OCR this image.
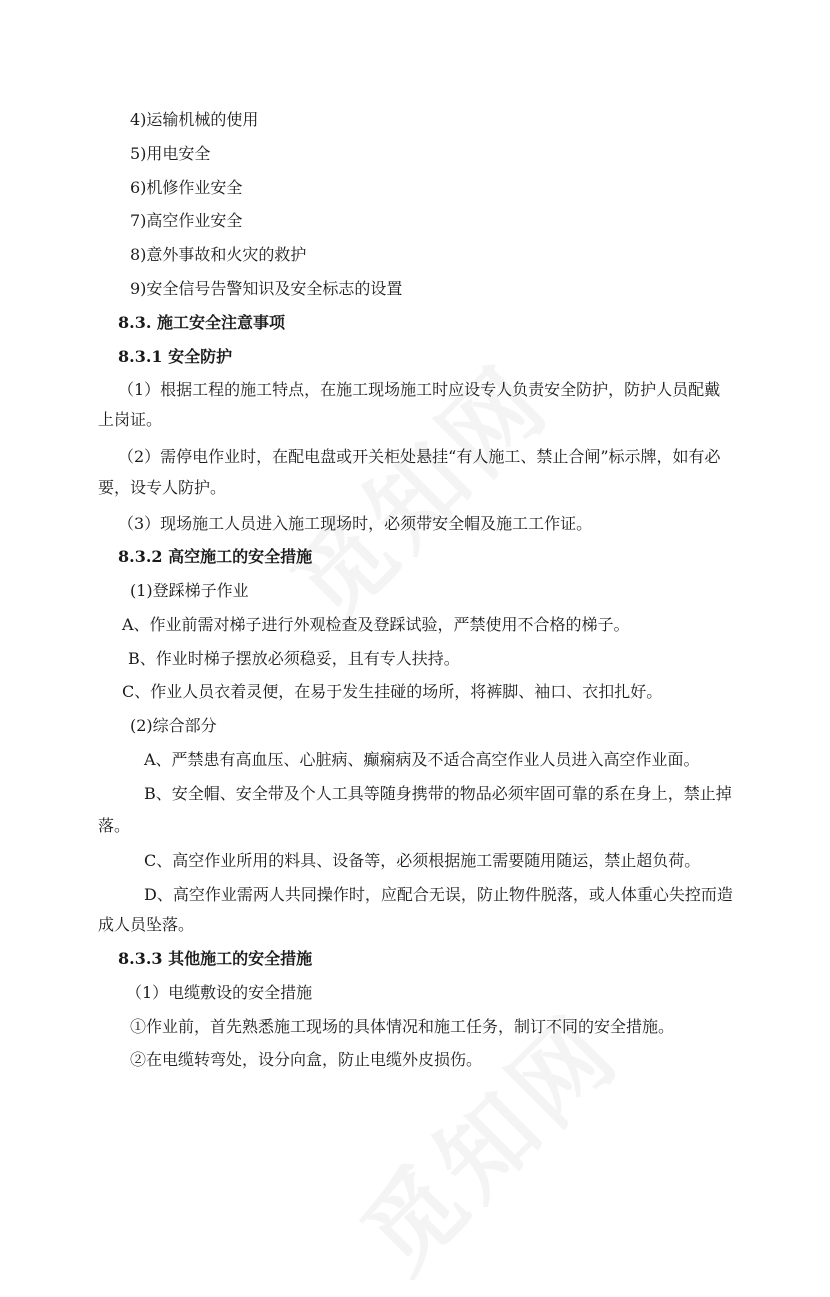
4)运输机械的使用
5)用电安全
6)机修作业安全
7)高空作业安全
8)意外事故和火灾的救护
9)安全信号告警知识及安全标志的设置
8.3. 施工安全注意事项
8.3.1 安全防护
（1）根据工程的施工特点，在施工现场施工时应设专人负责安全防护，防护人员配戴
上岗证。
（2）需停电作业时，在配电盘或开关柜处悬挂“有人施工、禁止合闸”标示牌，如有必
要，设专人防护。
（3）现场施工人员进入施工现场时，必须带安全帽及施工工作证。
8.3.2 高空施工的安全措施
(1)登踩梯子作业
A、作业前需对梯子进行外观检查及登踩试验，严禁使用不合格的梯子。
B、作业时梯子摆放必须稳妥，且有专人扶持。
C、作业人员衣着灵便，在易于发生挂碰的场所，将裤脚、袖口、衣扣扎好。
(2)综合部分
A、严禁患有高血压、心脏病、癫痫病及不适合高空作业人员进入高空作业面。
B、安全帽、安全带及个人工具等随身携带的物品必须牢固可靠的系在身上，禁止掉
落。
C、高空作业所用的料具、设备等，必须根据施工需要随用随运，禁止超负荷。
D、高空作业需两人共同操作时，应配合无误，防止物件脱落，或人体重心失控而造
成人员坠落。
8.3.3 其他施工的安全措施
（1）电缆敷设的安全措施
①作业前，首先熟悉施工现场的具体情况和施工任务，制订不同的安全措施。
②在电缆转弯处，设分向盒，防止电缆外皮损伤。
